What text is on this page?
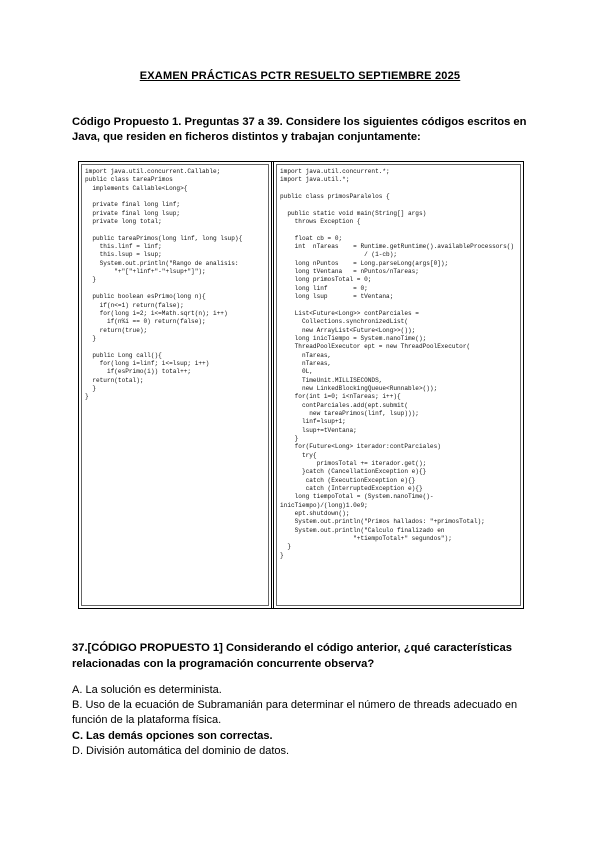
EXAMEN PRÁCTICAS PCTR RESUELTO SEPTIEMBRE 2025
Código Propuesto 1. Preguntas 37 a 39. Considere los siguientes códigos escritos en Java, que residen en ficheros distintos y trabajan conjuntamente:
import java.util.concurrent.Callable;
public class tareaPrimos
implements Callable<Long>{

private final long linf;
private final long lsup;
private long total;

public tareaPrimos(long linf, long lsup){
this.linf = linf;
this.lsup = lsup;
System.out.println("Rango de analisis:
"+"["+linf+"-"+lsup+"]");
}

public boolean esPrimo(long n){
if(n<=1) return(false);
for(long i=2; i<=Math.sqrt(n); i++)
if(n%i == 0) return(false);
return(true);
}

public Long call(){
for(long i=linf; i<=lsup; i++)
if(esPrimo(i)) total++;
return(total);
}
}
import java.util.concurrent.*;
import java.util.*;

public class primosParalelos {

public static void main(String[] args)
throws Exception {

float cb = 0;
int  nTareas    = Runtime.getRuntime().availableProcessors()
/ (1-cb);
long nPuntos    = Long.parseLong(args[0]);
long tVentana   = nPuntos/nTareas;
long primosTotal = 0;
long linf       = 0;
long lsup       = tVentana;

List<Future<Long>> contParciales =
Collections.synchronizedList(
new ArrayList<Future<Long>>());
long inicTiempo = System.nanoTime();
ThreadPoolExecutor ept = new ThreadPoolExecutor(
nTareas,
nTareas,
0L,
TimeUnit.MILLISECONDS,
new LinkedBlockingQueue<Runnable>());
for(int i=0; i<nTareas; i++){
contParciales.add(ept.submit(
new tareaPrimos(linf, lsup)));
linf=lsup+1;
lsup+=tVentana;
}
for(Future<Long> iterador:contParciales)
try{
primosTotal += iterador.get();
}catch (CancellationException e){}
catch (ExecutionException e){}
catch (InterruptedException e){}
long tiempoTotal = (System.nanoTime()-
inicTiempo)/(long)1.0e9;
ept.shutdown();
System.out.println("Primos hallados: "+primosTotal);
System.out.println("Calculo finalizado en
"+tiempoTotal+" segundos");
}
}
37.[CÓDIGO PROPUESTO 1] Considerando el código anterior, ¿qué características relacionadas con la programación concurrente observa?
A. La solución es determinista.
B. Uso de la ecuación de Subramanián para determinar el número de threads adecuado en función de la plataforma física.
C. Las demás opciones son correctas.
D. División automática del dominio de datos.
